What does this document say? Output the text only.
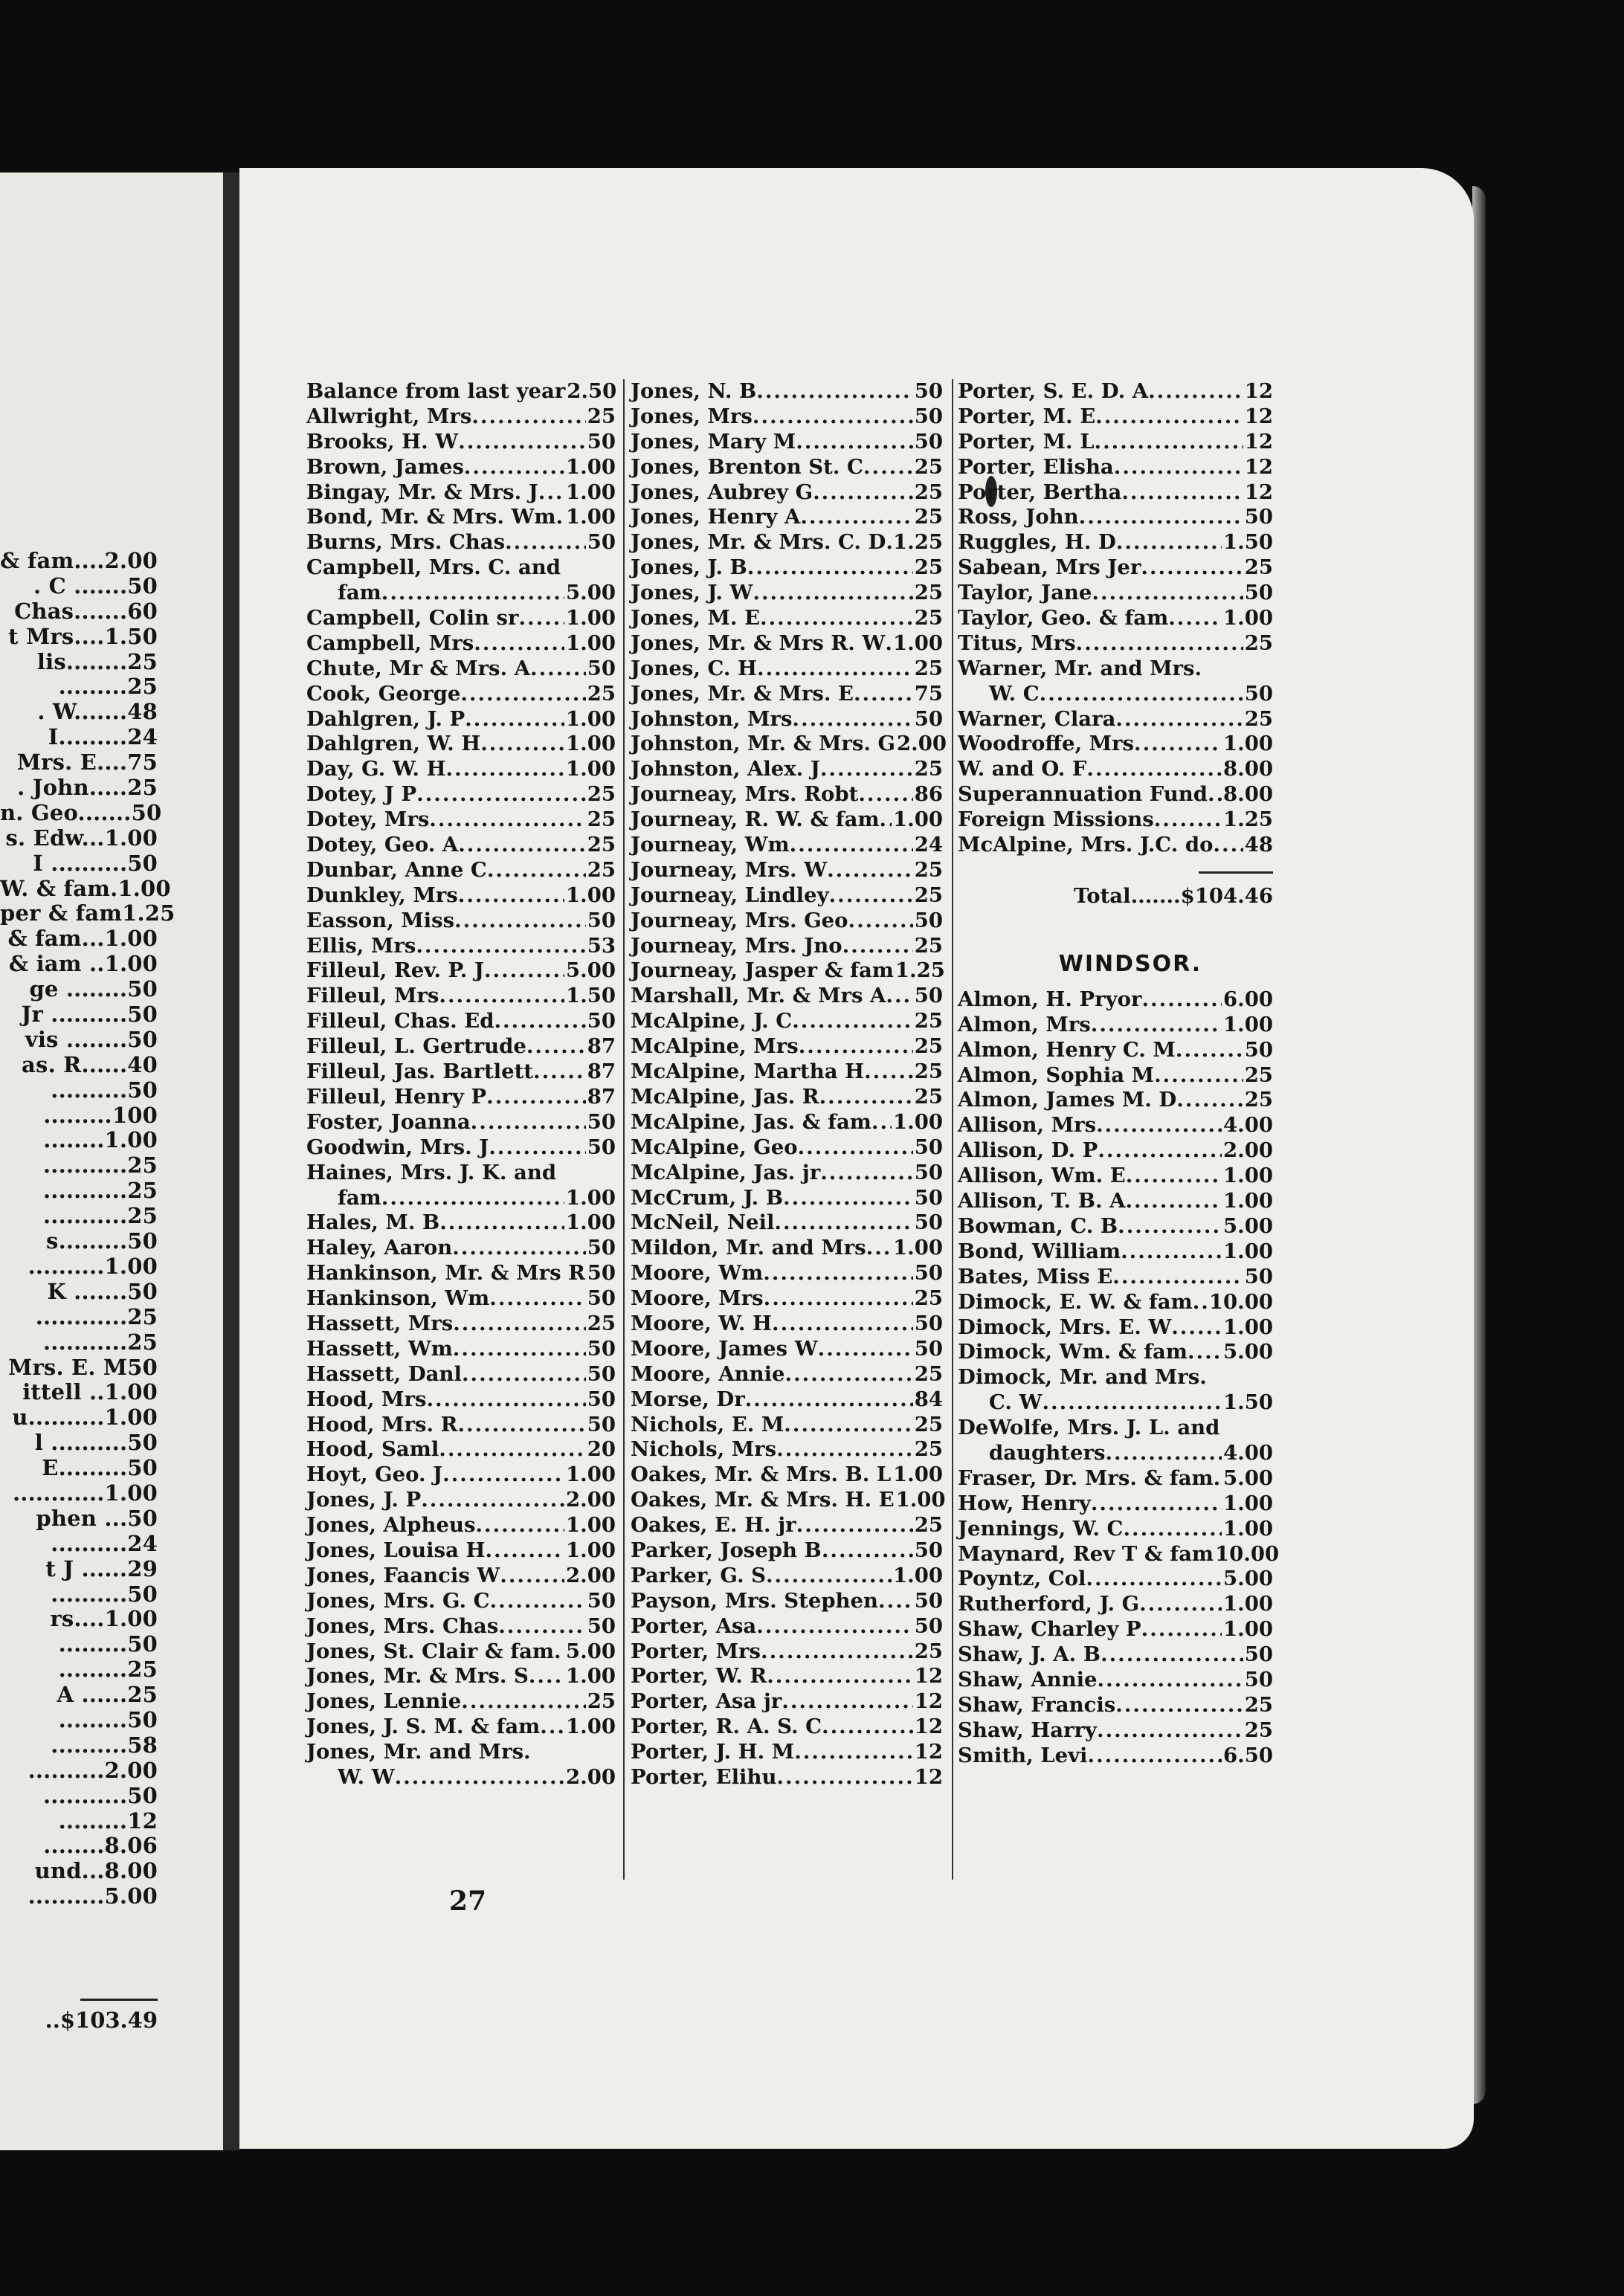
& fam....2.00
. C .......50
Chas.......60
t Mrs....1.50
lis........25
.........25
. W.......48
I.........24
Mrs. E....75
. John.....25
n. Geo.......50
s. Edw...1.00
I ..........50
W. & fam.1.00
per & fam1.25
& fam...1.00
& iam ..1.00
ge ........50
Jr ..........50
vis ........50
as. R......40
..........50
.........100
........1.00
...........25
...........25
...........25
s.........50
..........1.00
K .......50
............25
...........25
Mrs. E. M50
ittell ..1.00
u..........1.00
l ..........50
E.........50
............1.00
phen ...50
..........24
t J ......29
..........50
rs....1.00
.........50
.........25
A ......25
.........50
..........58
..........2.00
...........50
.........12
........8.06
und...8.00
..........5.00
..$103.49
Balance from last year 2.50
Allwright, Mrs .....	25
Brooks, H. W .....	50
Brown, James .....	1.00
Bingay, Mr. & Mrs. J ..... 1.00
Bond, Mr. & Mrs. Wm ..... 1.00
Burns, Mrs. Chas .....	50
Campbell, Mrs. C. and
fam .....	5.00
Campbell, Colin sr ..... 1.00
Campbell, Mrs .....	1.00
Chute, Mr & Mrs. A .....	50
Cook, George .....	25
Dahlgren, J. P .....	1.00
Dahlgren, W. H .....	1.00
Day, G. W. H .....	1.00
Dotey, J P .....	25
Dotey, Mrs .....	25
Dotey, Geo. A .....	25
Dunbar, Anne C .....	25
Dunkley, Mrs .....	1.00
Easson, Miss .....	50
Ellis, Mrs .....	53
Filleul, Rev. P. J .....	5.00
Filleul, Mrs .....	1.50
Filleul, Chas. Ed .....	50
Filleul, L. Gertrude .....	87
Filleul, Jas. Bartlett .....	87
Filleul, Henry P .....	87
Foster, Joanna .....	50
Goodwin, Mrs. J .....	50
Haines, Mrs. J. K. and
fam .....	1.00
Hales, M. B .....	1.00
Haley, Aaron .....	50
Hankinson, Mr. & Mrs R ..... 50
Hankinson, Wm .....	50
Hassett, Mrs .....	25
Hassett, Wm .....	50
Hassett, Danl .....	50
Hood, Mrs .....	50
Hood, Mrs. R .....	50
Hood, Saml .....	20
Hoyt, Geo. J .....	1.00
Jones, J. P .....	2.00
Jones, Alpheus .....	1.00
Jones, Louisa H .....	1.00
Jones, Faancis W .....	2.00
Jones, Mrs. G. C .....	50
Jones, Mrs. Chas .....	50
Jones, St. Clair & fam ..... 5.00
Jones, Mr. & Mrs. S ..... 1.00
Jones, Lennie .....	25
Jones, J. S. M. & fam ..... 1.00
Jones, Mr. and Mrs.
W. W .....	2.00
Jones, N. B .....	50
Jones, Mrs .....	50
Jones, Mary M .....	50
Jones, Brenton St. C .....	25
Jones, Aubrey G .....	25
Jones, Henry A .....	25
Jones, Mr. & Mrs. C. D ..... 1.25
Jones, J. B .....	25
Jones, J. W .....	25
Jones, M. E .....	25
Jones, Mr. & Mrs R. W ..... 1.00
Jones, C. H .....	25
Jones, Mr. & Mrs. E .....	75
Johnston, Mrs .....	50
Johnston, Mr. & Mrs. G 2.00
Johnston, Alex. J .....	25
Journeay, Mrs. Robt .....	86
Journeay, R. W. & fam ..... 1.00
Journeay, Wm .....	24
Journeay, Mrs. W .....	25
Journeay, Lindley .....	25
Journeay, Mrs. Geo .....	50
Journeay, Mrs. Jno .....	25
Journeay, Jasper & fam 1.25
Marshall, Mr. & Mrs A ..... 50
McAlpine, J. C .....	25
McAlpine, Mrs .....	25
McAlpine, Martha H ..... 25
McAlpine, Jas. R .....	25
McAlpine, Jas. & fam ..... 1.00
McAlpine, Geo .....	50
McAlpine, Jas. jr .....	50
McCrum, J. B .....	50
McNeil, Neil .....	50
Mildon, Mr. and Mrs ..... 1.00
Moore, Wm .....	50
Moore, Mrs .....	25
Moore, W. H .....	50
Moore, James W .....	50
Moore, Annie .....	25
Morse, Dr .....	84
Nichols, E. M .....	25
Nichols, Mrs .....	25
Oakes, Mr. & Mrs. B. L ..... 1.00
Oakes, Mr. & Mrs. H. E 1.00
Oakes, E. H. jr .....	25
Parker, Joseph B .....	50
Parker, G. S .....	1.00
Payson, Mrs. Stephen ..... 50
Porter, Asa .....	50
Porter, Mrs .....	25
Porter, W. R .....	12
Porter, Asa jr .....	12
Porter, R. A. S. C .....	12
Porter, J. H. M .....	12
Porter, Elihu .....	12
Porter, S. E. D. A .....	12
Porter, M. E .....	12
Porter, M. L .....	12
Porter, Elisha .....	12
Porter, Bertha .....	12
Ross, John .....	50
Ruggles, H. D .....	1.50
Sabean, Mrs Jer .....	25
Taylor, Jane .....	50
Taylor, Geo. & fam .....	1.00
Titus, Mrs .....	25
Warner, Mr. and Mrs.
W. C .....	50
Warner, Clara .....	25
Woodroffe, Mrs .....	1.00
W. and O. F .....	8.00
Superannuation Fund ..... 8.00
Foreign Missions .....	1.25
McAlpine, Mrs. J.C. do ..... 48
Total ....... $104.46
WINDSOR.
Almon, H. Pryor .....	6.00
Almon, Mrs .....	1.00
Almon, Henry C. M .....	50
Almon, Sophia M .....	25
Almon, James M. D .....	25
Allison, Mrs .....	4.00
Allison, D. P .....	2.00
Allison, Wm. E .....	1.00
Allison, T. B. A .....	1.00
Bowman, C. B .....	5.00
Bond, William .....	1.00
Bates, Miss E .....	50
Dimock, E. W. & fam ..... 10.00
Dimock, Mrs. E. W .....	1.00
Dimock, Wm. & fam ..... 5.00
Dimock, Mr. and Mrs.
C. W .....	1.50
DeWolfe, Mrs. J. L. and
daughters .....	4.00
Fraser, Dr. Mrs. & fam ..... 5.00
How, Henry .....	1.00
Jennings, W. C .....	1.00
Maynard, Rev T & fam 10.00
Poyntz, Col .....	5.00
Rutherford, J. G .....	1.00
Shaw, Charley P .....	1.00
Shaw, J. A. B .....	50
Shaw, Annie .....	50
Shaw, Francis .....	25
Shaw, Harry .....	25
Smith, Levi .....	6.50
27
